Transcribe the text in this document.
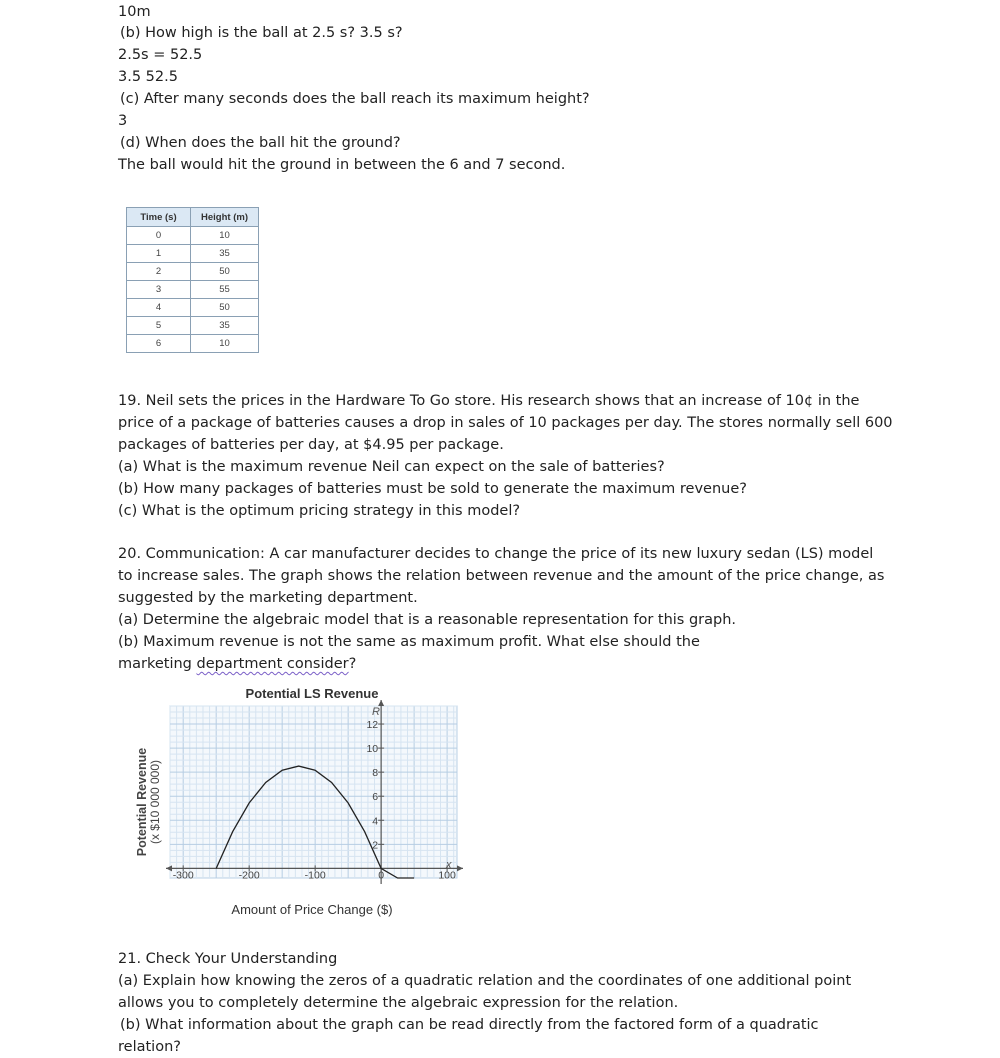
10m
(b) How high is the ball at 2.5 s? 3.5 s?
2.5s = 52.5
3.5 52.5
(c) After many seconds does the ball reach its maximum height?
3
(d) When does the ball hit the ground?
The ball would hit the ground in between the 6 and 7 second.
Time (s)	Height (m)
0	10
1	35
2	50
3	55
4	50
5	35
6	10
19. Neil sets the prices in the Hardware To Go store. His research shows that an increase of 10¢ in the
price of a package of batteries causes a drop in sales of 10 packages per day. The stores normally sell 600
packages of batteries per day, at $4.95 per package.
(a) What is the maximum revenue Neil can expect on the sale of batteries?
(b) How many packages of batteries must be sold to generate the maximum revenue?
(c) What is the optimum pricing strategy in this model?
20. Communication: A car manufacturer decides to change the price of its new luxury sedan (LS) model
to increase sales. The graph shows the relation between revenue and the amount of the price change, as
suggested by the marketing department.
(a) Determine the algebraic model that is a reasonable representation for this graph.
(b) Maximum revenue is not the same as maximum profit. What else should the
marketing department consider?
-300	-200	-100	0	100
2
4
6
8
10
12
Potential LS Revenue
Amount of Price Change ($)
Potential Revenue (x $10 000 000)
x
R
21. Check Your Understanding
(a) Explain how knowing the zeros of a quadratic relation and the coordinates of one additional point
allows you to completely determine the algebraic expression for the relation.
(b) What information about the graph can be read directly from the factored form of a quadratic
relation?
